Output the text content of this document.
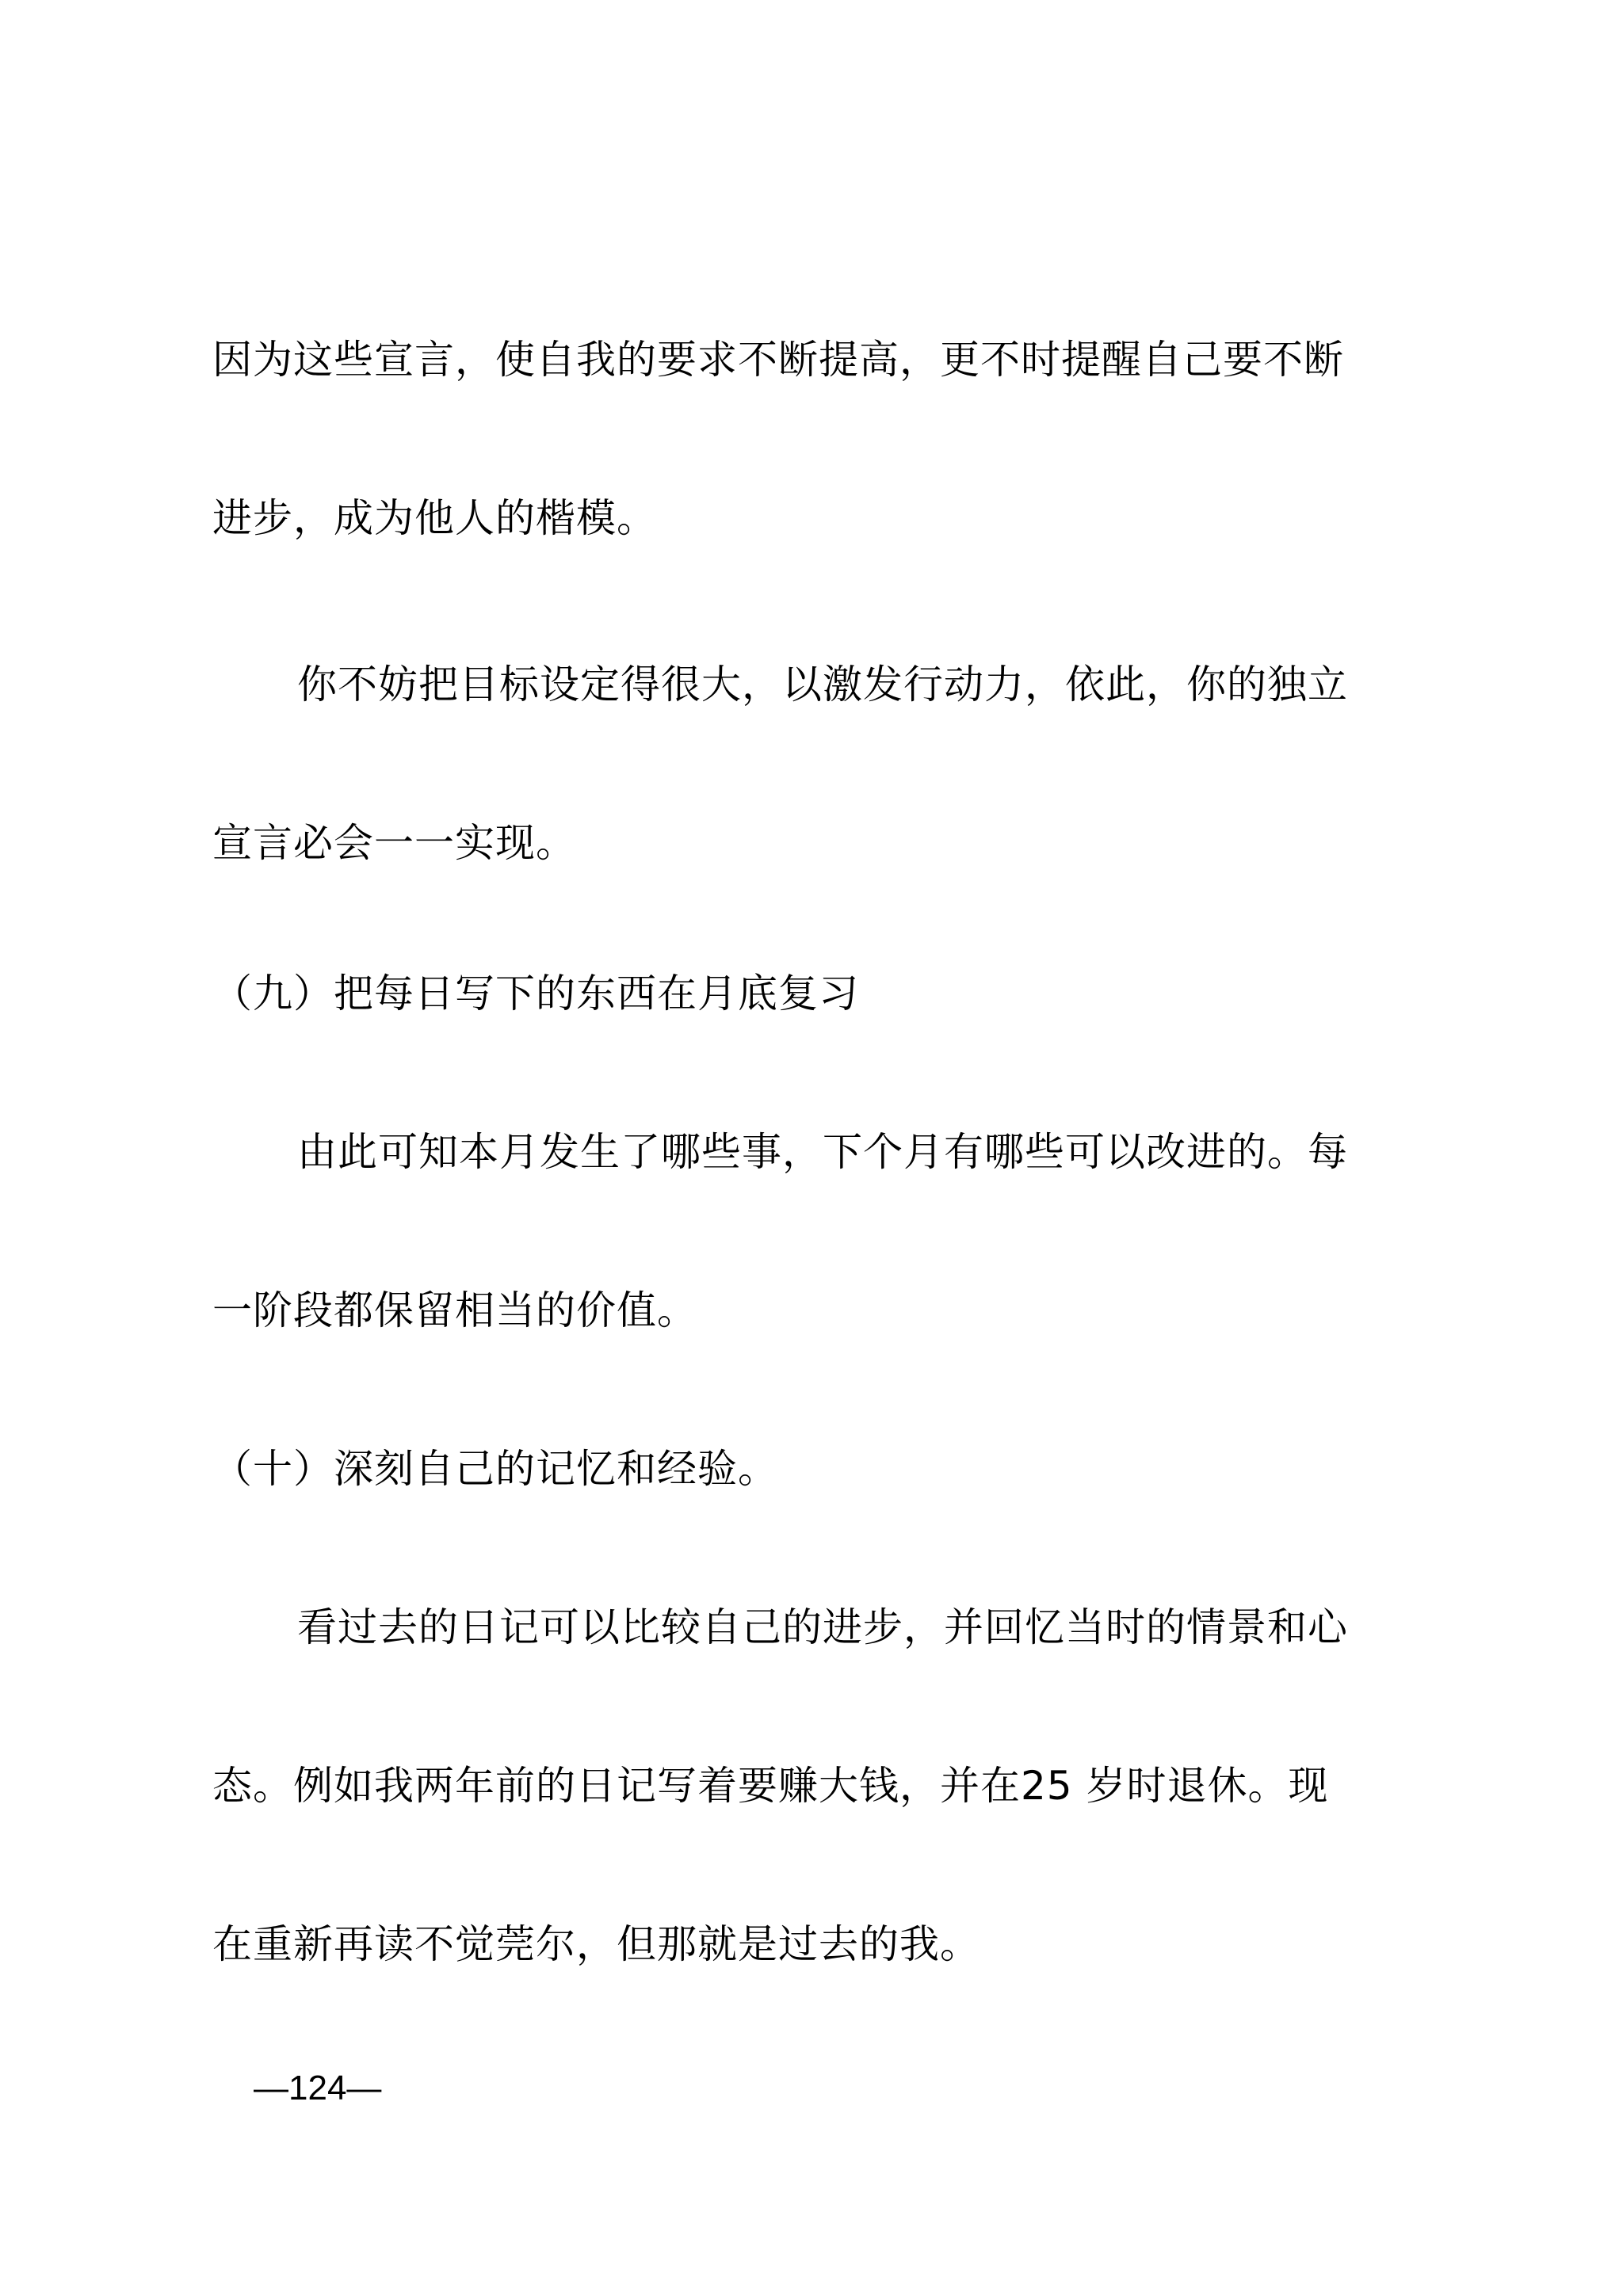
因为这些宣言，使自我的要求不断提高，更不时提醒自己要不断
进步，成为他人的楷模。
你不妨把目标设定得很大，以激发行动力，依此，你的独立
宣言必会一一实现。
（九）把每日写下的东西在月底复习
由此可知本月发生了哪些事，下个月有哪些可以改进的。每
一阶段都保留相当的价值。
（十）深刻自己的记忆和经验。
看过去的日记可以比较自己的进步，并回忆当时的情景和心
态。例如我两年前的日记写着要赚大钱，并在25 岁时退休。现
在重新再读不觉莞尔，但那就是过去的我。
—124—
